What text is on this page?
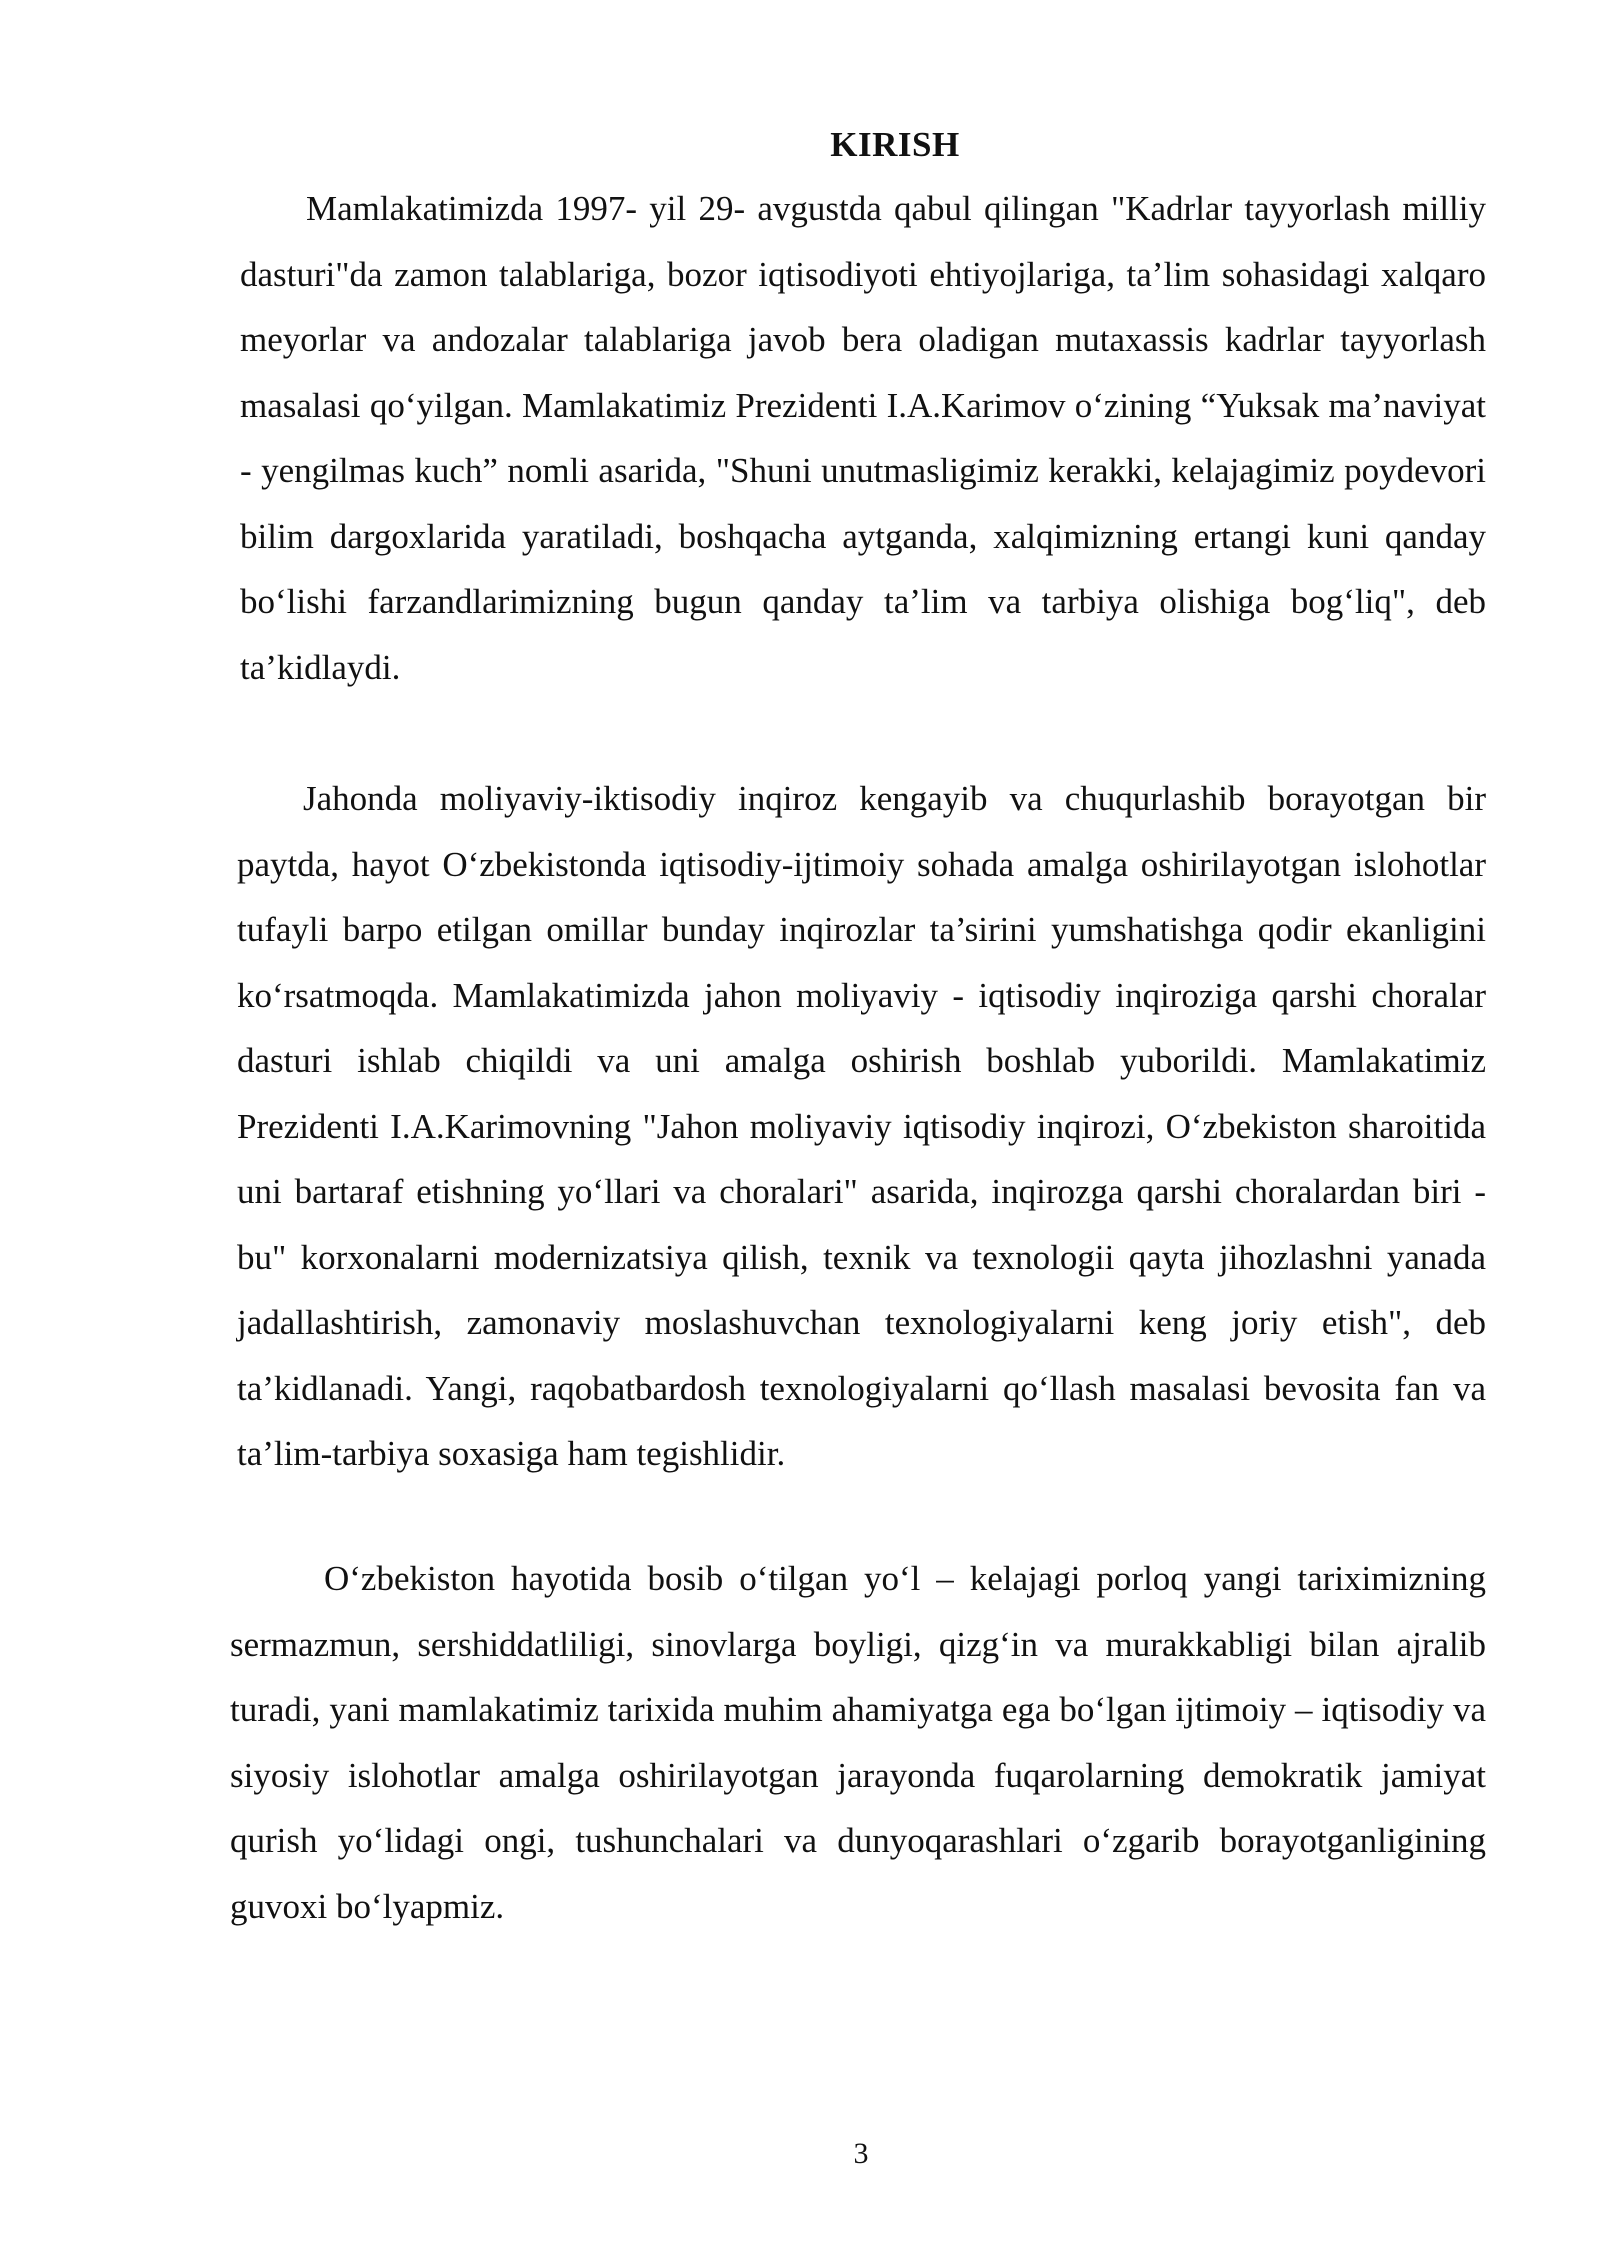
KIRISH

Mamlakatimizda 1997- yil 29- avgustda qabul qilingan "Kadrlar tayyorlash milliy dasturi"da zamon talablariga, bozor iqtisodiyoti ehtiyojlariga, ta’lim sohasidagi xalqaro meyorlar va andozalar talablariga javob bera oladigan mutaxassis kadrlar tayyorlash masalasi qo‘yilgan. Mamlakatimiz Prezidenti I.A.Karimov o‘zining “Yuksak ma’naviyat - yengilmas kuch” nomli asarida, "Shuni unutmasligimiz kerakki, kelajagimiz poydevori bilim dargoxlarida yaratiladi, boshqacha aytganda, xalqimizning ertangi kuni qanday bo‘lishi farzandlarimizning bugun qanday ta’lim va tarbiya olishiga bog‘liq", deb ta’kidlaydi.

Jahonda moliyaviy-iktisodiy inqiroz kengayib va chuqurlashib borayotgan bir paytda, hayot O‘zbekistonda iqtisodiy-ijtimoiy sohada amalga oshirilayotgan islohotlar tufayli barpo etilgan omillar bunday inqirozlar ta’sirini yumshatishga qodir ekanligini ko‘rsatmoqda. Mamlakatimizda jahon moliyaviy - iqtisodiy inqiroziga qarshi choralar dasturi ishlab chiqildi va uni amalga oshirish boshlab yuborildi. Mamlakatimiz Prezidenti I.A.Karimovning "Jahon moliyaviy iqtisodiy inqirozi, O‘zbekiston sharoitida uni bartaraf etishning yo‘llari va choralari" asarida, inqirozga qarshi choralardan biri - bu" korxonalarni modernizatsiya qilish, texnik va texnologii qayta jihozlashni yanada jadallashtirish, zamonaviy moslashuvchan texnologiyalarni keng joriy etish", deb ta’kidlanadi. Yangi, raqobatbardosh texnologiyalarni qo‘llash masalasi bevosita fan va ta’lim-tarbiya soxasiga ham tegishlidir.

O‘zbekiston hayotida bosib o‘tilgan yo‘l – kelajagi porloq yangi tariximizning sermazmun, sershiddatliligi, sinovlarga boyligi, qizg‘in va murakkabligi bilan ajralib turadi, yani mamlakatimiz tarixida muhim ahamiyatga ega bo‘lgan ijtimoiy – iqtisodiy va siyosiy islohotlar amalga oshirilayotgan jarayonda fuqarolarning demokratik jamiyat qurish yo‘lidagi ongi, tushunchalari va dunyoqarashlari o‘zgarib borayotganligining guvoxi bo‘lyapmiz.

3
